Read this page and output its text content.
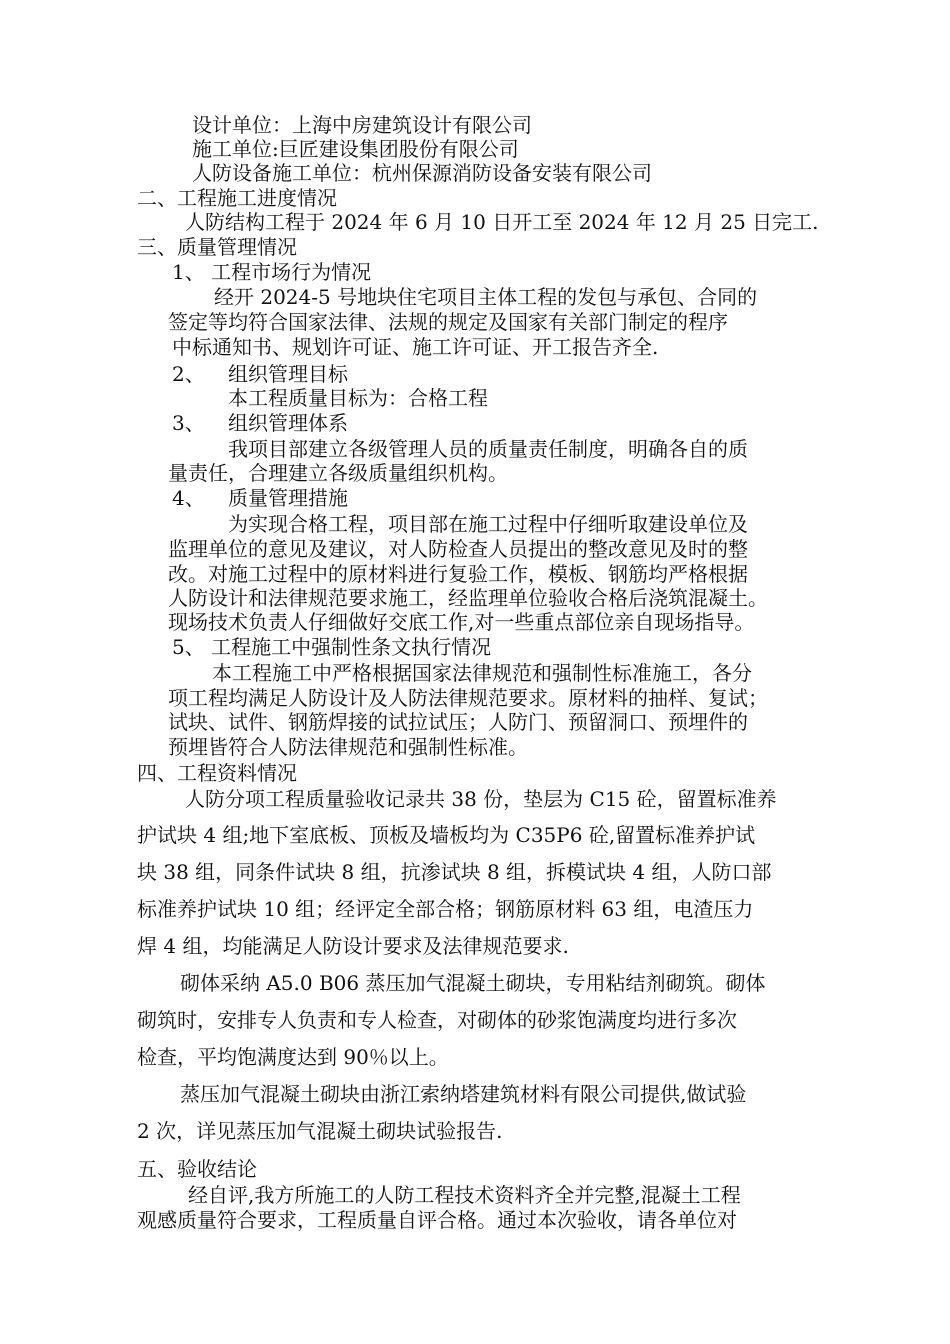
设计单位：上海中房建筑设计有限公司

施工单位:巨匠建设集团股份有限公司

人防设备施工单位：杭州保源消防设备安装有限公司

二、工程施工进度情况

人防结构工程于 2024 年 6 月 10 日开工至 2024 年 12 月 25 日完工.

三、质量管理情况

1、 工程市场行为情况

经开 2024-5 号地块住宅项目主体工程的发包与承包、合同的

签定等均符合国家法律、法规的规定及国家有关部门制定的程序

中标通知书、规划许可证、施工许可证、开工报告齐全.

2、 组织管理目标

本工程质量目标为：合格工程

3、 组织管理体系

我项目部建立各级管理人员的质量责任制度，明确各自的质

量责任，合理建立各级质量组织机构。

4、 质量管理措施

为实现合格工程，项目部在施工过程中仔细听取建设单位及

监理单位的意见及建议，对人防检查人员提出的整改意见及时的整

改。对施工过程中的原材料进行复验工作，模板、钢筋均严格根据

人防设计和法律规范要求施工，经监理单位验收合格后浇筑混凝土。

现场技术负责人仔细做好交底工作,对一些重点部位亲自现场指导。

5、 工程施工中强制性条文执行情况

本工程施工中严格根据国家法律规范和强制性标准施工，各分

项工程均满足人防设计及人防法律规范要求。原材料的抽样、复试；

试块、试件、钢筋焊接的试拉试压；人防门、预留洞口、预埋件的

预埋皆符合人防法律规范和强制性标准。

四、工程资料情况

人防分项工程质量验收记录共 38 份，垫层为 C15 砼，留置标准养

护试块 4 组;地下室底板、顶板及墙板均为 C35P6 砼,留置标准养护试

块 38 组，同条件试块 8 组，抗渗试块 8 组，拆模试块 4 组，人防口部

标准养护试块 10 组；经评定全部合格；钢筋原材料 63 组，电渣压力

焊 4 组，均能满足人防设计要求及法律规范要求.

砌体采纳 A5.0 B06 蒸压加气混凝土砌块，专用粘结剂砌筑。砌体

砌筑时，安排专人负责和专人检查，对砌体的砂浆饱满度均进行多次

检查，平均饱满度达到 90％以上。

蒸压加气混凝土砌块由浙江索纳塔建筑材料有限公司提供,做试验

2 次，详见蒸压加气混凝土砌块试验报告.

五、验收结论

经自评,我方所施工的人防工程技术资料齐全并完整,混凝土工程

观感质量符合要求，工程质量自评合格。通过本次验收，请各单位对
